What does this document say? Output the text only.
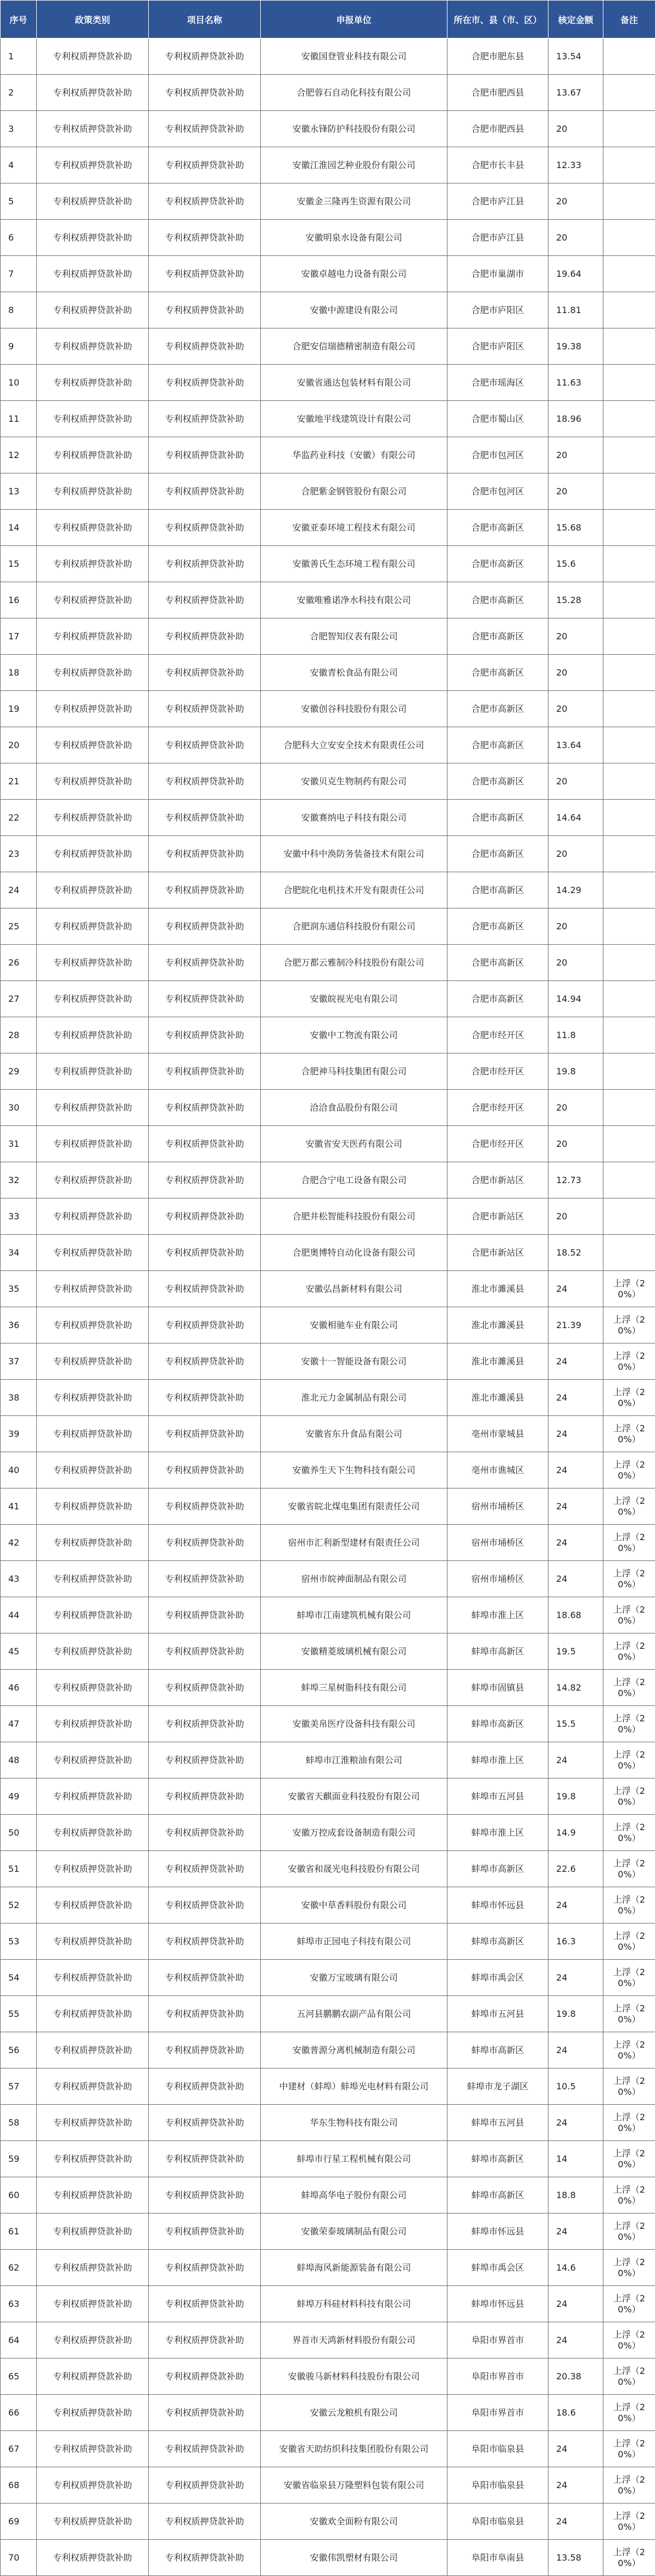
序号	政策类别	项目名称	申报单位	所在市、县（市、区）	核定金额	备注
1	专利权质押贷款补助	专利权质押贷款补助	安徽国登管业科技有限公司	合肥市肥东县	13.54	
2	专利权质押贷款补助	专利权质押贷款补助	合肥蓉石自动化科技有限公司	合肥市肥西县	13.67	
3	专利权质押贷款补助	专利权质押贷款补助	安徽永锋防护科技股份有限公司	合肥市肥西县	20	
4	专利权质押贷款补助	专利权质押贷款补助	安徽江淮园艺种业股份有限公司	合肥市长丰县	12.33	
5	专利权质押贷款补助	专利权质押贷款补助	安徽金三隆再生资源有限公司	合肥市庐江县	20	
6	专利权质押贷款补助	专利权质押贷款补助	安徽明泉水设备有限公司	合肥市庐江县	20	
7	专利权质押贷款补助	专利权质押贷款补助	安徽卓越电力设备有限公司	合肥市巢湖市	19.64	
8	专利权质押贷款补助	专利权质押贷款补助	安徽中源建设有限公司	合肥市庐阳区	11.81	
9	专利权质押贷款补助	专利权质押贷款补助	合肥安信瑞德精密制造有限公司	合肥市庐阳区	19.38	
10	专利权质押贷款补助	专利权质押贷款补助	安徽省通达包装材料有限公司	合肥市瑶海区	11.63	
11	专利权质押贷款补助	专利权质押贷款补助	安徽地平线建筑设计有限公司	合肥市蜀山区	18.96	
12	专利权质押贷款补助	专利权质押贷款补助	华监药业科技（安徽）有限公司	合肥市包河区	20	
13	专利权质押贷款补助	专利权质押贷款补助	合肥紫金钢管股份有限公司	合肥市包河区	20	
14	专利权质押贷款补助	专利权质押贷款补助	安徽亚泰环境工程技术有限公司	合肥市高新区	15.68	
15	专利权质押贷款补助	专利权质押贷款补助	安徽善氏生态环境工程有限公司	合肥市高新区	15.6	
16	专利权质押贷款补助	专利权质押贷款补助	安徽唯雅诺净水科技有限公司	合肥市高新区	15.28	
17	专利权质押贷款补助	专利权质押贷款补助	合肥智知仪表有限公司	合肥市高新区	20	
18	专利权质押贷款补助	专利权质押贷款补助	安徽青松食品有限公司	合肥市高新区	20	
19	专利权质押贷款补助	专利权质押贷款补助	安徽创谷科技股份有限公司	合肥市高新区	20	
20	专利权质押贷款补助	专利权质押贷款补助	合肥科大立安安全技术有限责任公司	合肥市高新区	13.64	
21	专利权质押贷款补助	专利权质押贷款补助	安徽贝克生物制药有限公司	合肥市高新区	20	
22	专利权质押贷款补助	专利权质押贷款补助	安徽赛纳电子科技有限公司	合肥市高新区	14.64	
23	专利权质押贷款补助	专利权质押贷款补助	安徽中科中涣防务装备技术有限公司	合肥市高新区	20	
24	专利权质押贷款补助	专利权质押贷款补助	合肥皖化电机技术开发有限责任公司	合肥市高新区	14.29	
25	专利权质押贷款补助	专利权质押贷款补助	合肥润东通信科技股份有限公司	合肥市高新区	20	
26	专利权质押贷款补助	专利权质押贷款补助	合肥万都云雅制冷科技股份有限公司	合肥市高新区	20	
27	专利权质押贷款补助	专利权质押贷款补助	安徽皖视光电有限公司	合肥市高新区	14.94	
28	专利权质押贷款补助	专利权质押贷款补助	安徽中工物流有限公司	合肥市经开区	11.8	
29	专利权质押贷款补助	专利权质押贷款补助	合肥神马科技集团有限公司	合肥市经开区	19.8	
30	专利权质押贷款补助	专利权质押贷款补助	洽洽食品股份有限公司	合肥市经开区	20	
31	专利权质押贷款补助	专利权质押贷款补助	安徽省安天医药有限公司	合肥市经开区	20	
32	专利权质押贷款补助	专利权质押贷款补助	合肥合宁电工设备有限公司	合肥市新站区	12.73	
33	专利权质押贷款补助	专利权质押贷款补助	合肥井松智能科技股份有限公司	合肥市新站区	20	
34	专利权质押贷款补助	专利权质押贷款补助	合肥奥博特自动化设备有限公司	合肥市新站区	18.52	
35	专利权质押贷款补助	专利权质押贷款补助	安徽弘昌新材料有限公司	淮北市濉溪县	24	上浮（20%）
36	专利权质押贷款补助	专利权质押贷款补助	安徽相驰车业有限公司	淮北市濉溪县	21.39	上浮（20%）
37	专利权质押贷款补助	专利权质押贷款补助	安徽十一智能设备有限公司	淮北市濉溪县	24	上浮（20%）
38	专利权质押贷款补助	专利权质押贷款补助	淮北元力金属制品有限公司	淮北市濉溪县	24	上浮（20%）
39	专利权质押贷款补助	专利权质押贷款补助	安徽省东升食品有限公司	亳州市蒙城县	24	上浮（20%）
40	专利权质押贷款补助	专利权质押贷款补助	安徽养生天下生物科技有限公司	亳州市谯城区	24	上浮（20%）
41	专利权质押贷款补助	专利权质押贷款补助	安徽省皖北煤电集团有限责任公司	宿州市埇桥区	24	上浮（20%）
42	专利权质押贷款补助	专利权质押贷款补助	宿州市汇利新型建材有限责任公司	宿州市埇桥区	24	上浮（20%）
43	专利权质押贷款补助	专利权质押贷款补助	宿州市皖神面制品有限公司	宿州市埇桥区	24	上浮（20%）
44	专利权质押贷款补助	专利权质押贷款补助	蚌埠市江南建筑机械有限公司	蚌埠市淮上区	18.68	上浮（20%）
45	专利权质押贷款补助	专利权质押贷款补助	安徽精菱玻璃机械有限公司	蚌埠市高新区	19.5	上浮（20%）
46	专利权质押贷款补助	专利权质押贷款补助	蚌埠三星树脂科技有限公司	蚌埠市固镇县	14.82	上浮（20%）
47	专利权质押贷款补助	专利权质押贷款补助	安徽美帛医疗设备科技有限公司	蚌埠市高新区	15.5	上浮（20%）
48	专利权质押贷款补助	专利权质押贷款补助	蚌埠市江淮粮油有限公司	蚌埠市淮上区	24	上浮（20%）
49	专利权质押贷款补助	专利权质押贷款补助	安徽省天麒面业科技股份有限公司	蚌埠市五河县	19.8	上浮（20%）
50	专利权质押贷款补助	专利权质押贷款补助	安徽万控成套设备制造有限公司	蚌埠市淮上区	14.9	上浮（20%）
51	专利权质押贷款补助	专利权质押贷款补助	安徽省和晟光电科技股份有限公司	蚌埠市高新区	22.6	上浮（20%）
52	专利权质押贷款补助	专利权质押贷款补助	安徽中草香料股份有限公司	蚌埠市怀远县	24	上浮（20%）
53	专利权质押贷款补助	专利权质押贷款补助	蚌埠市正园电子科技有限公司	蚌埠市高新区	16.3	上浮（20%）
54	专利权质押贷款补助	专利权质押贷款补助	安徽万宝玻璃有限公司	蚌埠市禹会区	24	上浮（20%）
55	专利权质押贷款补助	专利权质押贷款补助	五河县鹏鹏农副产品有限公司	蚌埠市五河县	19.8	上浮（20%）
56	专利权质押贷款补助	专利权质押贷款补助	安徽普源分离机械制造有限公司	蚌埠市高新区	24	上浮（20%）
57	专利权质押贷款补助	专利权质押贷款补助	中建材（蚌埠）蚌埠光电材料有限公司	蚌埠市龙子湖区	10.5	上浮（20%）
58	专利权质押贷款补助	专利权质押贷款补助	华东生物科技有限公司	蚌埠市五河县	24	上浮（20%）
59	专利权质押贷款补助	专利权质押贷款补助	蚌埠市行星工程机械有限公司	蚌埠市高新区	14	上浮（20%）
60	专利权质押贷款补助	专利权质押贷款补助	蚌埠高华电子股份有限公司	蚌埠市高新区	18.8	上浮（20%）
61	专利权质押贷款补助	专利权质押贷款补助	安徽荣泰玻璃制品有限公司	蚌埠市怀远县	24	上浮（20%）
62	专利权质押贷款补助	专利权质押贷款补助	蚌埠海风新能源装备有限公司	蚌埠市禹会区	14.6	上浮（20%）
63	专利权质押贷款补助	专利权质押贷款补助	蚌埠万科硅材料科技有限公司	蚌埠市怀远县	24	上浮（20%）
64	专利权质押贷款补助	专利权质押贷款补助	界首市天鸿新材料股份有限公司	阜阳市界首市	24	上浮（20%）
65	专利权质押贷款补助	专利权质押贷款补助	安徽骏马新材料科技股份有限公司	阜阳市界首市	20.38	上浮（20%）
66	专利权质押贷款补助	专利权质押贷款补助	安徽云龙粮机有限公司	阜阳市界首市	18.6	上浮（20%）
67	专利权质押贷款补助	专利权质押贷款补助	安徽省天助纺织科技集团股份有限公司	阜阳市临泉县	24	上浮（20%）
68	专利权质押贷款补助	专利权质押贷款补助	安徽省临泉县万隆塑料包装有限公司	阜阳市临泉县	24	上浮（20%）
69	专利权质押贷款补助	专利权质押贷款补助	安徽欢全面粉有限公司	阜阳市临泉县	24	上浮（20%）
70	专利权质押贷款补助	专利权质押贷款补助	安徽伟凯塑材有限公司	阜阳市阜南县	13.58	上浮（20%）
